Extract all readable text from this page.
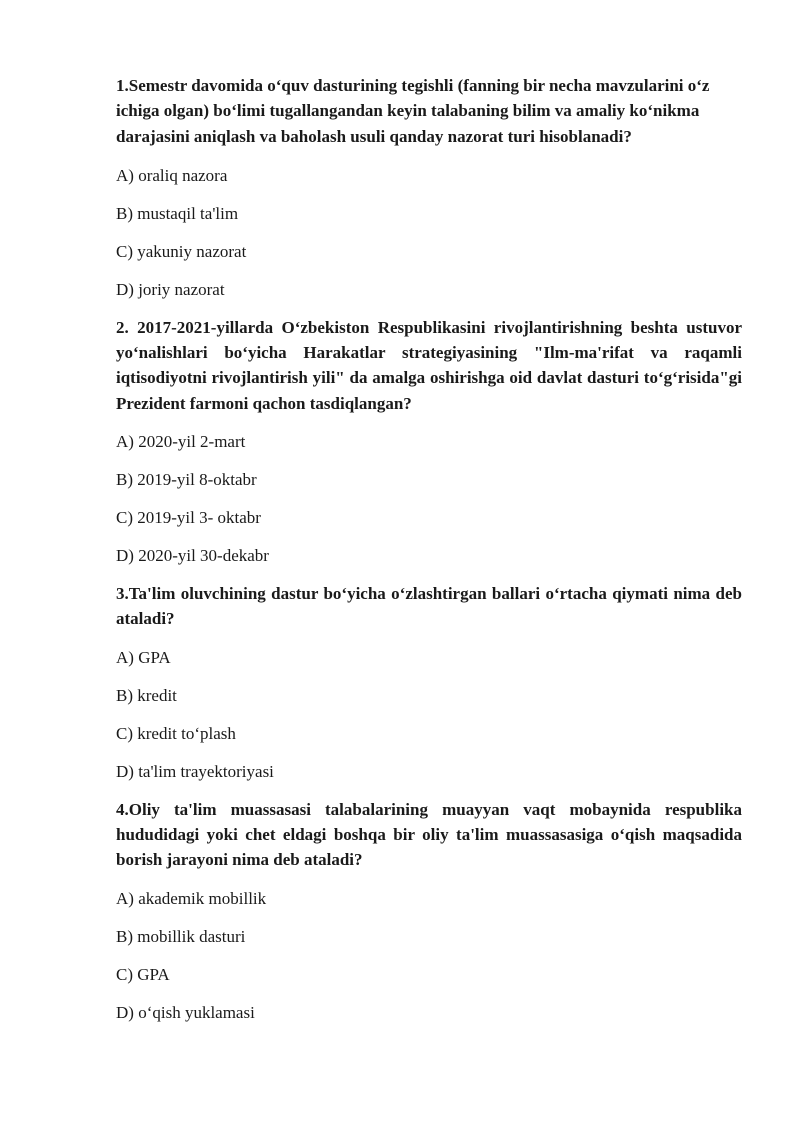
1.Semestr davomida o‘quv dasturining tegishli (fanning bir necha mavzularini o‘z ichiga olgan) bo‘limi tugallangandan keyin talabaning bilim va amaliy ko‘nikma darajasini aniqlash va baholash usuli qanday nazorat turi hisoblanadi?
A) oraliq nazora
B) mustaqil ta'lim
C) yakuniy nazorat
D) joriy nazorat
2. 2017-2021-yillarda O‘zbekiston Respublikasini rivojlantirishning beshta ustuvor yo‘nalishlari bo‘yicha Harakatlar strategiyasining "Ilm-ma'rifat va raqamli iqtisodiyotni rivojlantirish yili" da amalga oshirishga oid davlat dasturi to‘g‘risida"gi Prezident farmoni qachon tasdiqlangan?
A) 2020-yil 2-mart
B) 2019-yil 8-oktabr
C) 2019-yil 3- oktabr
D) 2020-yil 30-dekabr
3.Ta'lim oluvchining dastur bo‘yicha o‘zlashtirgan ballari o‘rtacha qiymati nima deb ataladi?
A) GPA
B) kredit
C) kredit to‘plash
D) ta'lim trayektoriyasi
4.Oliy ta'lim muassasasi talabalarining muayyan vaqt mobaynida respublika hududidagi yoki chet eldagi boshqa bir oliy ta'lim muassasasiga o‘qish maqsadida borish jarayoni nima deb ataladi?
A) akademik mobillik
B) mobillik dasturi
C) GPA
D) o‘qish yuklamasi
